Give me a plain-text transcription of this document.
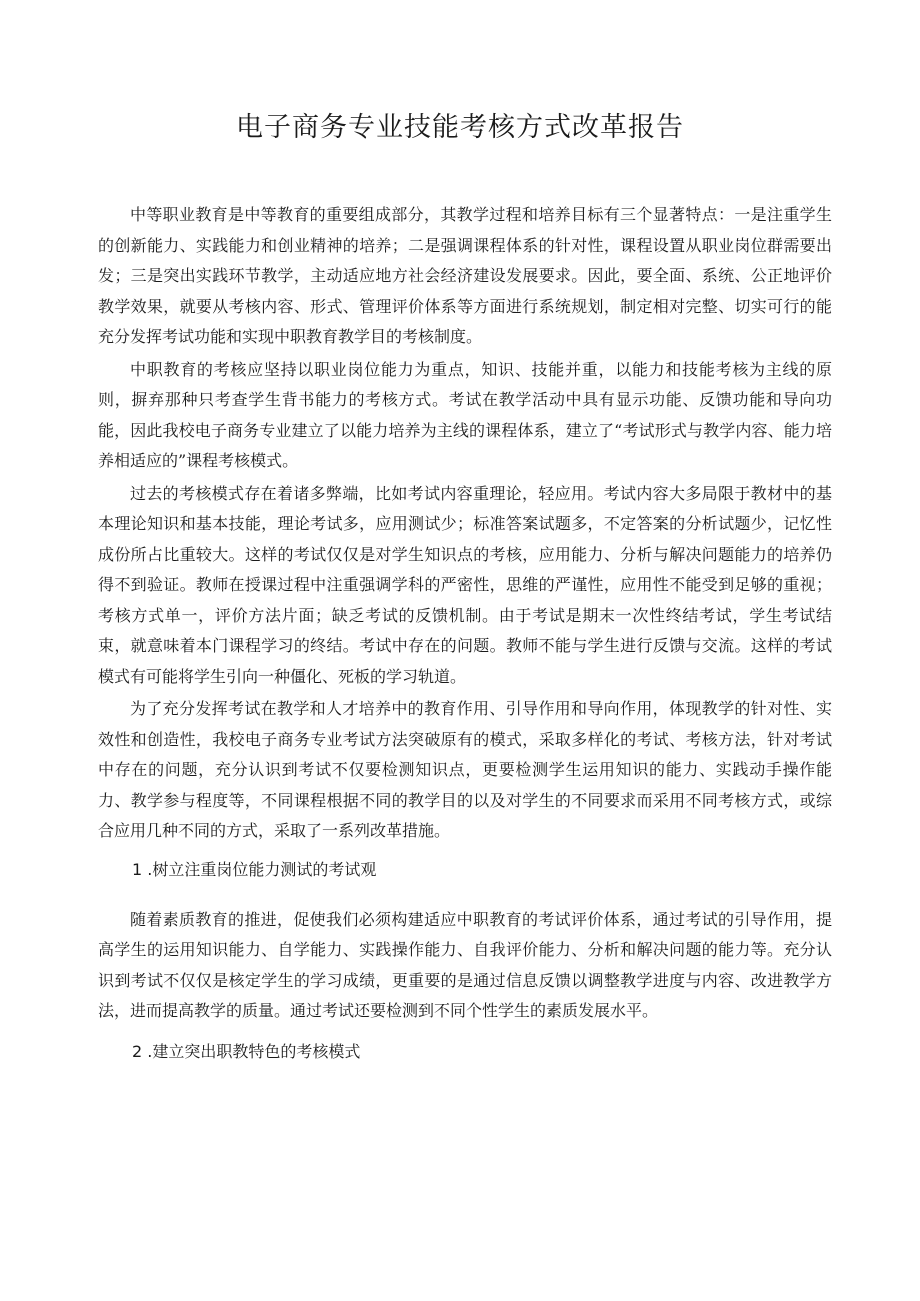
电子商务专业技能考核方式改革报告

中等职业教育是中等教育的重要组成部分，其教学过程和培养目标有三个显著特点：一是注重学生的创新能力、实践能力和创业精神的培养；二是强调课程体系的针对性，课程设置从职业岗位群需要出发；三是突出实践环节教学，主动适应地方社会经济建设发展要求。因此，要全面、系统、公正地评价教学效果，就要从考核内容、形式、管理评价体系等方面进行系统规划，制定相对完整、切实可行的能充分发挥考试功能和实现中职教育教学目的考核制度。

中职教育的考核应坚持以职业岗位能力为重点，知识、技能并重，以能力和技能考核为主线的原则，摒弃那种只考查学生背书能力的考核方式。考试在教学活动中具有显示功能、反馈功能和导向功能，因此我校电子商务专业建立了以能力培养为主线的课程体系，建立了“考试形式与教学内容、能力培养相适应的”课程考核模式。

过去的考核模式存在着诸多弊端，比如考试内容重理论，轻应用。考试内容大多局限于教材中的基本理论知识和基本技能，理论考试多，应用测试少；标准答案试题多，不定答案的分析试题少，记忆性成份所占比重较大。这样的考试仅仅是对学生知识点的考核，应用能力、分析与解决问题能力的培养仍得不到验证。教师在授课过程中注重强调学科的严密性，思维的严谨性，应用性不能受到足够的重视；考核方式单一，评价方法片面；缺乏考试的反馈机制。由于考试是期末一次性终结考试，学生考试结束，就意味着本门课程学习的终结。考试中存在的问题。教师不能与学生进行反馈与交流。这样的考试模式有可能将学生引向一种僵化、死板的学习轨道。

为了充分发挥考试在教学和人才培养中的教育作用、引导作用和导向作用，体现教学的针对性、实效性和创造性，我校电子商务专业考试方法突破原有的模式，采取多样化的考试、考核方法，针对考试中存在的问题，充分认识到考试不仅要检测知识点，更要检测学生运用知识的能力、实践动手操作能力、教学参与程度等，不同课程根据不同的教学目的以及对学生的不同要求而采用不同考核方式，或综合应用几种不同的方式，采取了一系列改革措施。

1 .树立注重岗位能力测试的考试观

随着素质教育的推进，促使我们必须构建适应中职教育的考试评价体系，通过考试的引导作用，提高学生的运用知识能力、自学能力、实践操作能力、自我评价能力、分析和解决问题的能力等。充分认识到考试不仅仅是核定学生的学习成绩，更重要的是通过信息反馈以调整教学进度与内容、改进教学方法，进而提高教学的质量。通过考试还要检测到不同个性学生的素质发展水平。

2 .建立突出职教特色的考核模式
